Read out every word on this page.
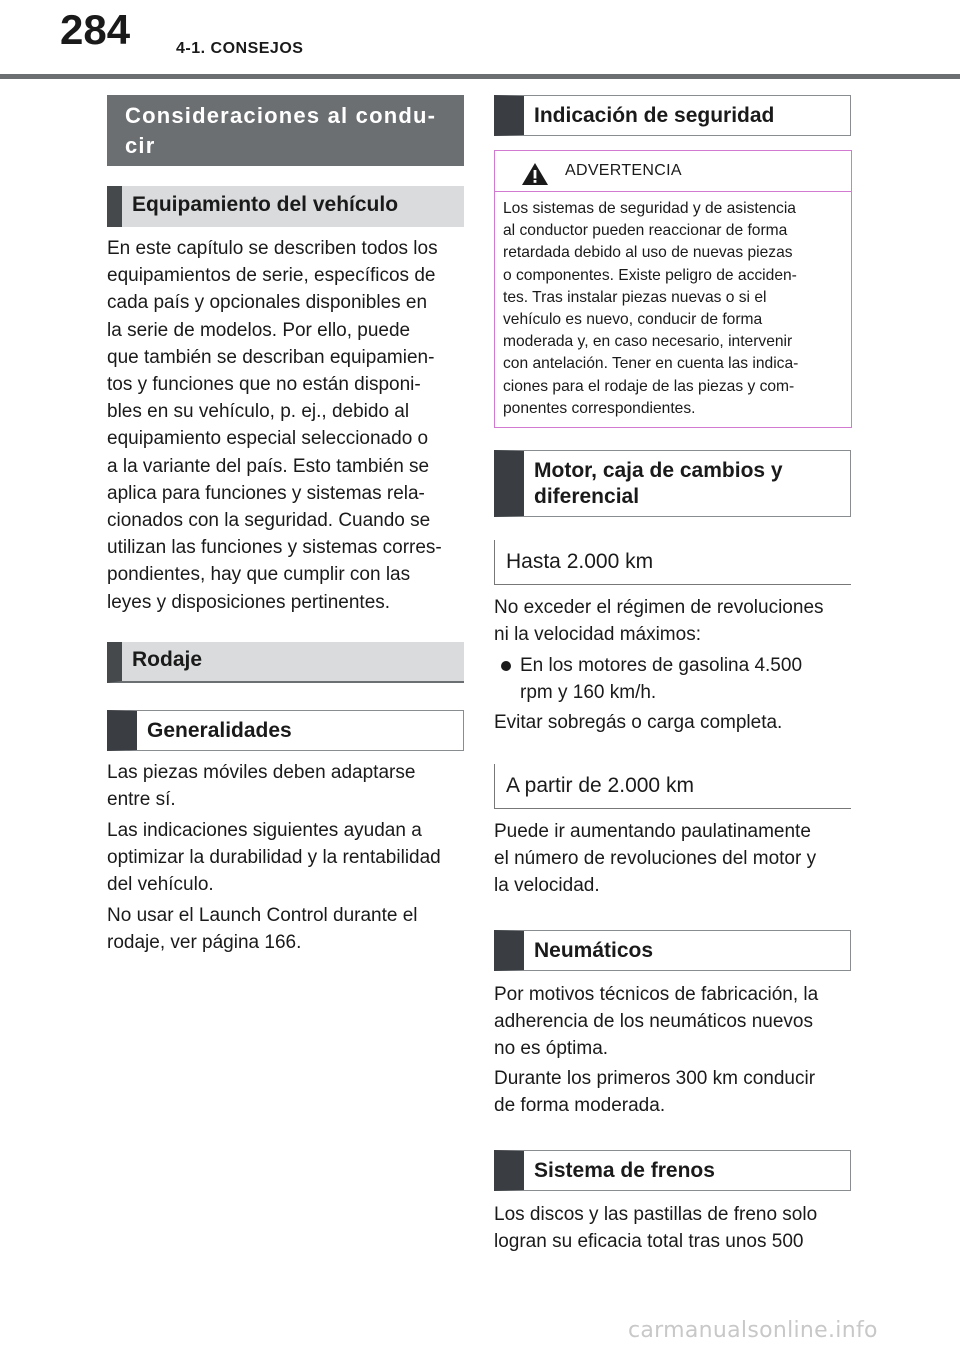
284	4-1. CONSEJOS
Consideraciones al condu-
cir
Equipamiento del vehículo
En este capítulo se describen todos los
equipamientos de serie, específicos de
cada país y opcionales disponibles en
la serie de modelos. Por ello, puede
que también se describan equipamien-
tos y funciones que no están disponi-
bles en su vehículo, p. ej., debido al
equipamiento especial seleccionado o
a la variante del país. Esto también se
aplica para funciones y sistemas rela-
cionados con la seguridad. Cuando se
utilizan las funciones y sistemas corres-
pondientes, hay que cumplir con las
leyes y disposiciones pertinentes.
Rodaje
Generalidades
Las piezas móviles deben adaptarse
entre sí.
Las indicaciones siguientes ayudan a
optimizar la durabilidad y la rentabilidad
del vehículo.
No usar el Launch Control durante el
rodaje, ver página 166.
Indicación de seguridad
ADVERTENCIA
Los sistemas de seguridad y de asistencia
al conductor pueden reaccionar de forma
retardada debido al uso de nuevas piezas
o componentes. Existe peligro de acciden-
tes. Tras instalar piezas nuevas o si el
vehículo es nuevo, conducir de forma
moderada y, en caso necesario, intervenir
con antelación. Tener en cuenta las indica-
ciones para el rodaje de las piezas y com-
ponentes correspondientes.
Motor, caja de cambios y
diferencial
Hasta 2.000 km
No exceder el régimen de revoluciones
ni la velocidad máximos:
En los motores de gasolina 4.500
rpm y 160 km/h.
Evitar sobregás o carga completa.
A partir de 2.000 km
Puede ir aumentando paulatinamente
el número de revoluciones del motor y
la velocidad.
Neumáticos
Por motivos técnicos de fabricación, la
adherencia de los neumáticos nuevos
no es óptima.
Durante los primeros 300 km conducir
de forma moderada.
Sistema de frenos
Los discos y las pastillas de freno solo
logran su eficacia total tras unos 500
carmanualsonline.info
